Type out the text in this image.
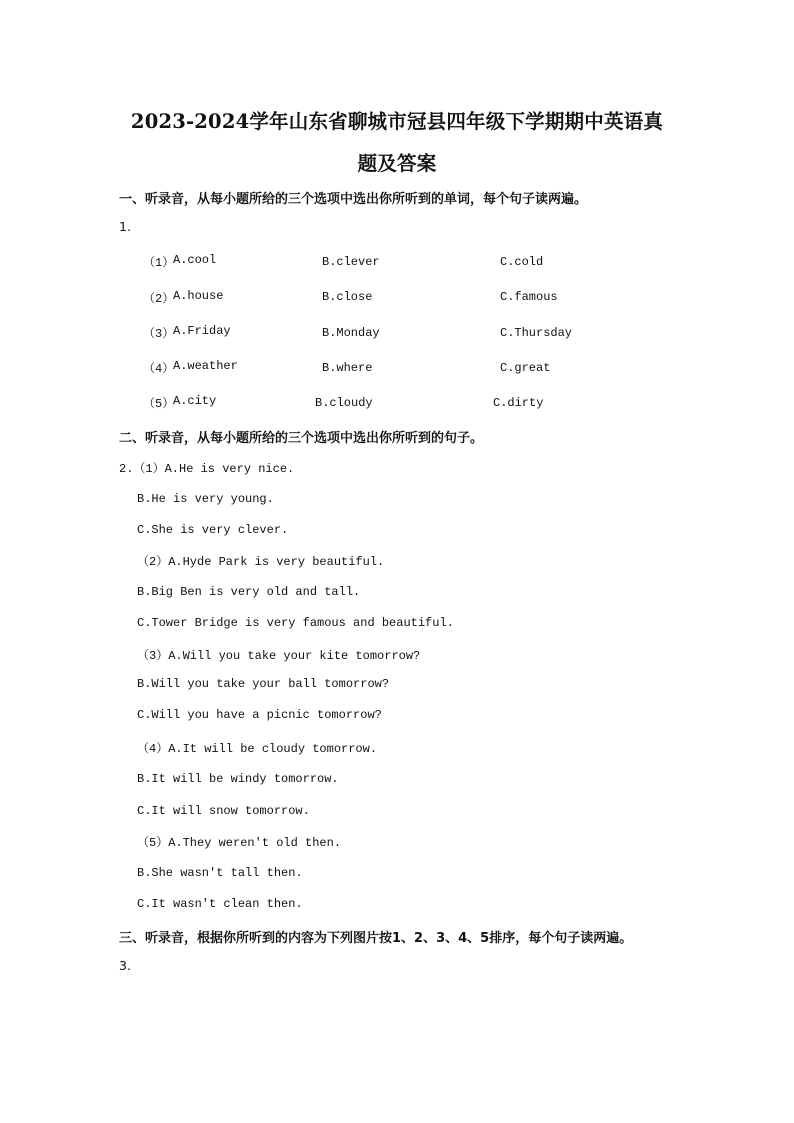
2023-2024学年山东省聊城市冠县四年级下学期期中英语真
题及答案
一、听录音，从每小题所给的三个选项中选出你所听到的单词，每个句子读两遍。
1.
（1）
A.cool	B.clever	C.cold
（2）
A.house	B.close	C.famous
（3）
A.Friday	B.Monday	C.Thursday
（4）
A.weather	B.where	C.great
（5）
A.city	B.cloudy	C.dirty
二、听录音，从每小题所给的三个选项中选出你所听到的句子。
2.（1）A.He is very nice.
B.He is very young.
C.She is very clever.
（2）A.Hyde Park is very beautiful.
B.Big Ben is very old and tall.
C.Tower Bridge is very famous and beautiful.
（3）A.Will you take your kite tomorrow?
B.Will you take your ball tomorrow?
C.Will you have a picnic tomorrow?
（4）A.It will be cloudy tomorrow.
B.It will be windy tomorrow.
C.It will snow tomorrow.
（5）A.They weren't old then.
B.She wasn't tall then.
C.It wasn't clean then.
三、听录音，根据你所听到的内容为下列图片按1、2、3、4、5排序，每个句子读两遍。
3.
